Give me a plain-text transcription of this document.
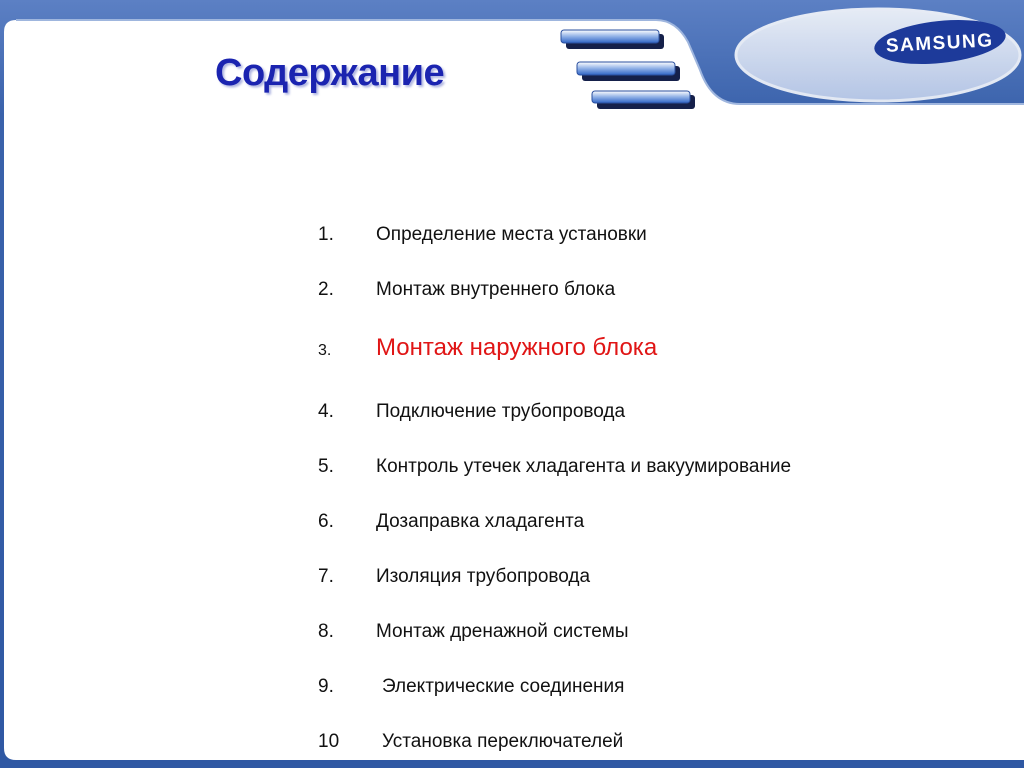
SAMSUNG
Содержание
1. Определение места установки
2. Монтаж внутреннего блока
3. Монтаж наружного блока
4. Подключение трубопровода
5. Контроль утечек хладагента и вакуумирование
6. Дозаправка хладагента
7. Изоляция трубопровода
8. Монтаж дренажной системы
9.	Электрические соединения
10 Установка переключателей
